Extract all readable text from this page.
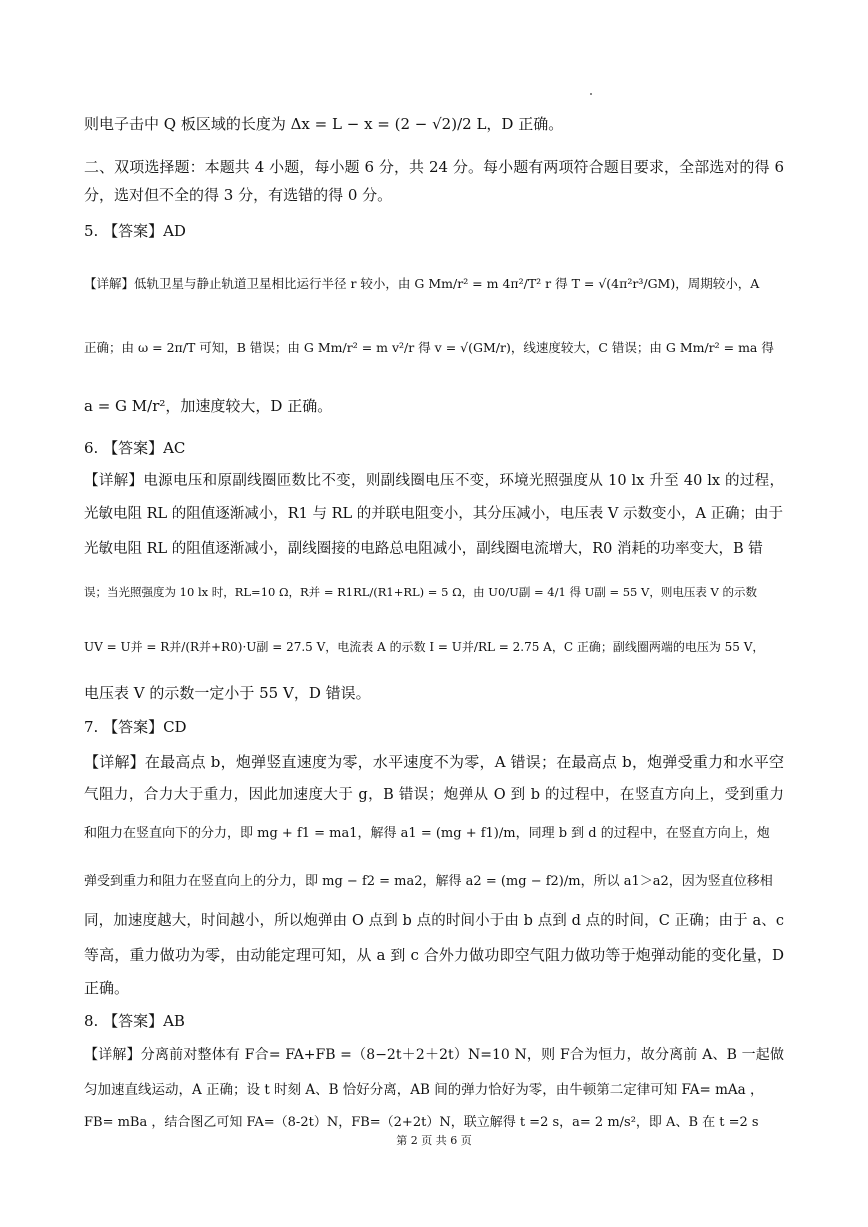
则电子击中 Q 板区域的长度为 Δx = L − x = (2 − √2)/2 L，D 正确。
二、双项选择题：本题共 4 小题，每小题 6 分，共 24 分。每小题有两项符合题目要求，全部选对的得 6
分，选对但不全的得 3 分，有选错的得 0 分。
5. 【答案】AD
【详解】低轨卫星与静止轨道卫星相比运行半径 r 较小，由 G Mm/r² = m 4π²/T² r 得 T = √(4π²r³/GM)，周期较小，A
正确；由 ω = 2π/T 可知，B 错误；由 G Mm/r² = m v²/r 得 v = √(GM/r)，线速度较大，C 错误；由 G Mm/r² = ma 得
a = G M/r²，加速度较大，D 正确。
6. 【答案】AC
【详解】电源电压和原副线圈匝数比不变，则副线圈电压不变，环境光照强度从 10 lx 升至 40 lx 的过程，
光敏电阻 RL 的阻值逐渐减小，R1 与 RL 的并联电阻变小，其分压减小，电压表 V 示数变小，A 正确；由于
光敏电阻 RL 的阻值逐渐减小，副线圈接的电路总电阻减小，副线圈电流增大，R0 消耗的功率变大，B 错
误；当光照强度为 10 lx 时，RL=10 Ω，R并 = R1RL/(R1+RL) = 5 Ω，由 U0/U副 = 4/1 得 U副 = 55 V，则电压表 V 的示数
UV = U并 = R并/(R并+R0)·U副 = 27.5 V，电流表 A 的示数 I = U并/RL = 2.75 A，C 正确；副线圈两端的电压为 55 V，
电压表 V 的示数一定小于 55 V，D 错误。
7. 【答案】CD
【详解】在最高点 b，炮弹竖直速度为零，水平速度不为零，A 错误；在最高点 b，炮弹受重力和水平空
气阻力，合力大于重力，因此加速度大于 g，B 错误；炮弹从 O 到 b 的过程中，在竖直方向上，受到重力
和阻力在竖直向下的分力，即 mg + f1 = ma1，解得 a1 = (mg + f1)/m，同理 b 到 d 的过程中，在竖直方向上，炮
弹受到重力和阻力在竖直向上的分力，即 mg − f2 = ma2，解得 a2 = (mg − f2)/m，所以 a1＞a2，因为竖直位移相
同，加速度越大，时间越小，所以炮弹由 O 点到 b 点的时间小于由 b 点到 d 点的时间，C 正确；由于 a、c
等高，重力做功为零，由动能定理可知，从 a 到 c 合外力做功即空气阻力做功等于炮弹动能的变化量，D
正确。
8. 【答案】AB
【详解】分离前对整体有 F合= FA+FB =（8−2t＋2＋2t）N=10 N，则 F合为恒力，故分离前 A、B 一起做
匀加速直线运动，A 正确；设 t 时刻 A、B 恰好分离，AB 间的弹力恰好为零，由牛顿第二定律可知 FA= mAa ，
FB= mBa ，结合图乙可知 FA=（8-2t）N，FB=（2+2t）N，联立解得 t =2 s，a= 2 m/s²，即 A、B 在 t =2 s
第 2 页 共 6 页
